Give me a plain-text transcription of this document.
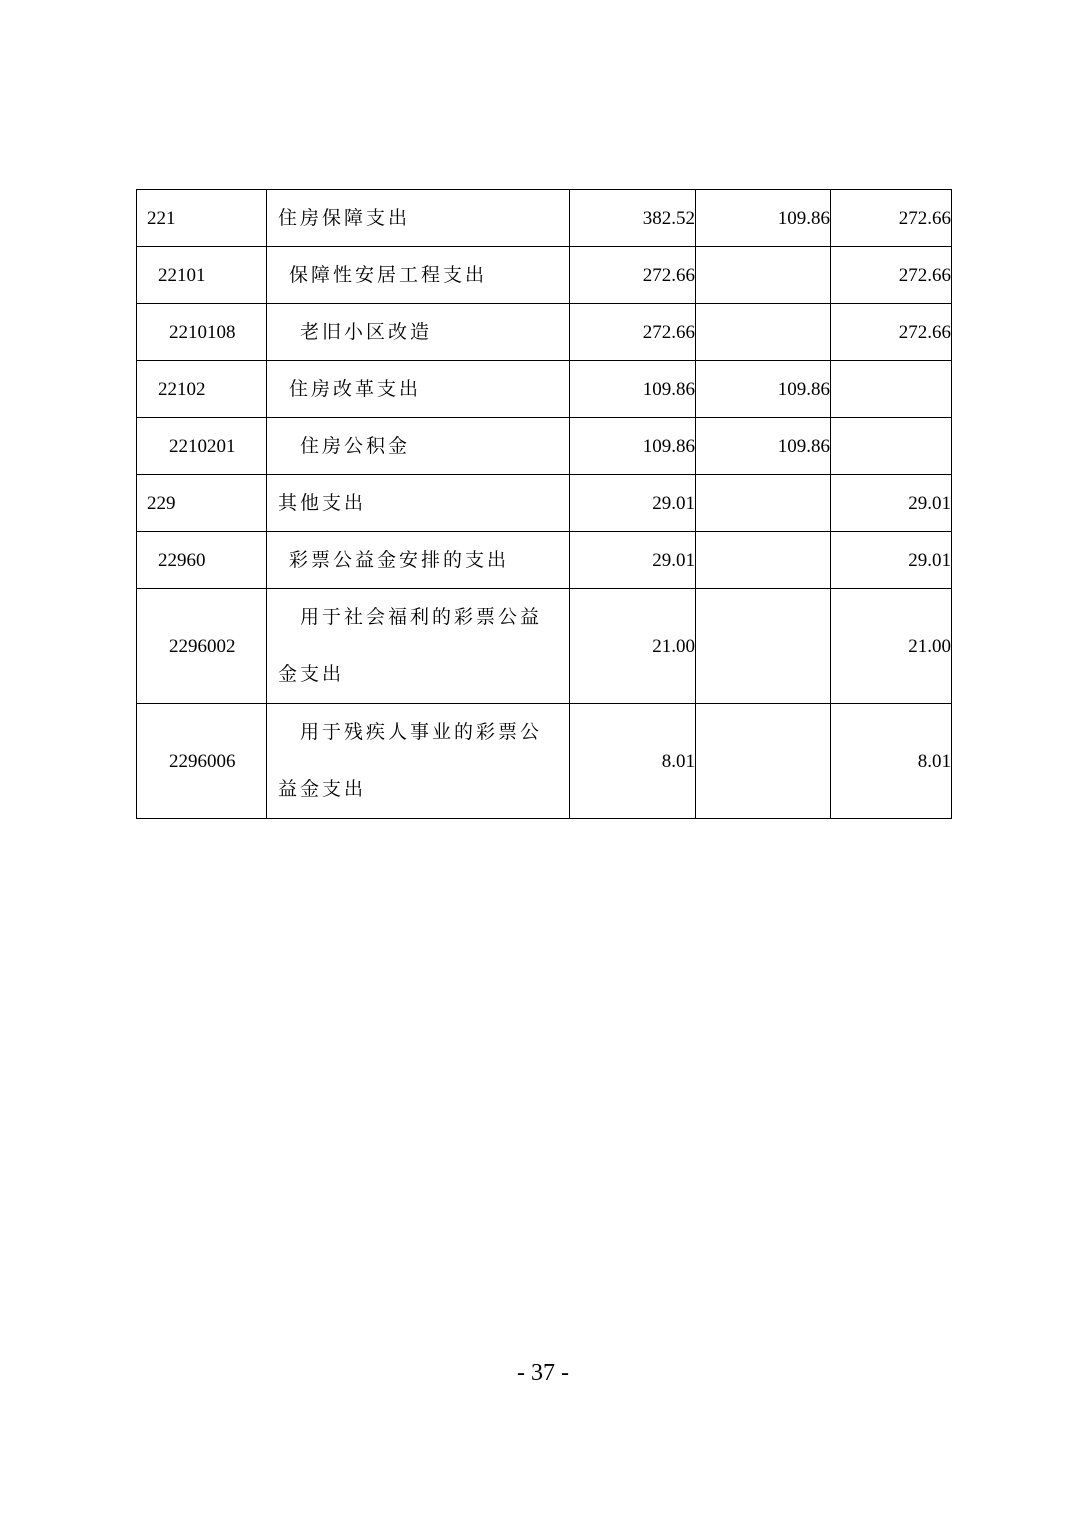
221	住房保障支出	382.52	109.86	272.66
22101	保障性安居工程支出	272.66		272.66
2210108	老旧小区改造	272.66		272.66
22102	住房改革支出	109.86	109.86	
2210201	住房公积金	109.86	109.86	
229	其他支出	29.01		29.01
22960	彩票公益金安排的支出	29.01		29.01
2296002	用于社会福利的彩票公益金支出	21.00		21.00
2296006	用于残疾人事业的彩票公益金支出	8.01		8.01
- 37 -
